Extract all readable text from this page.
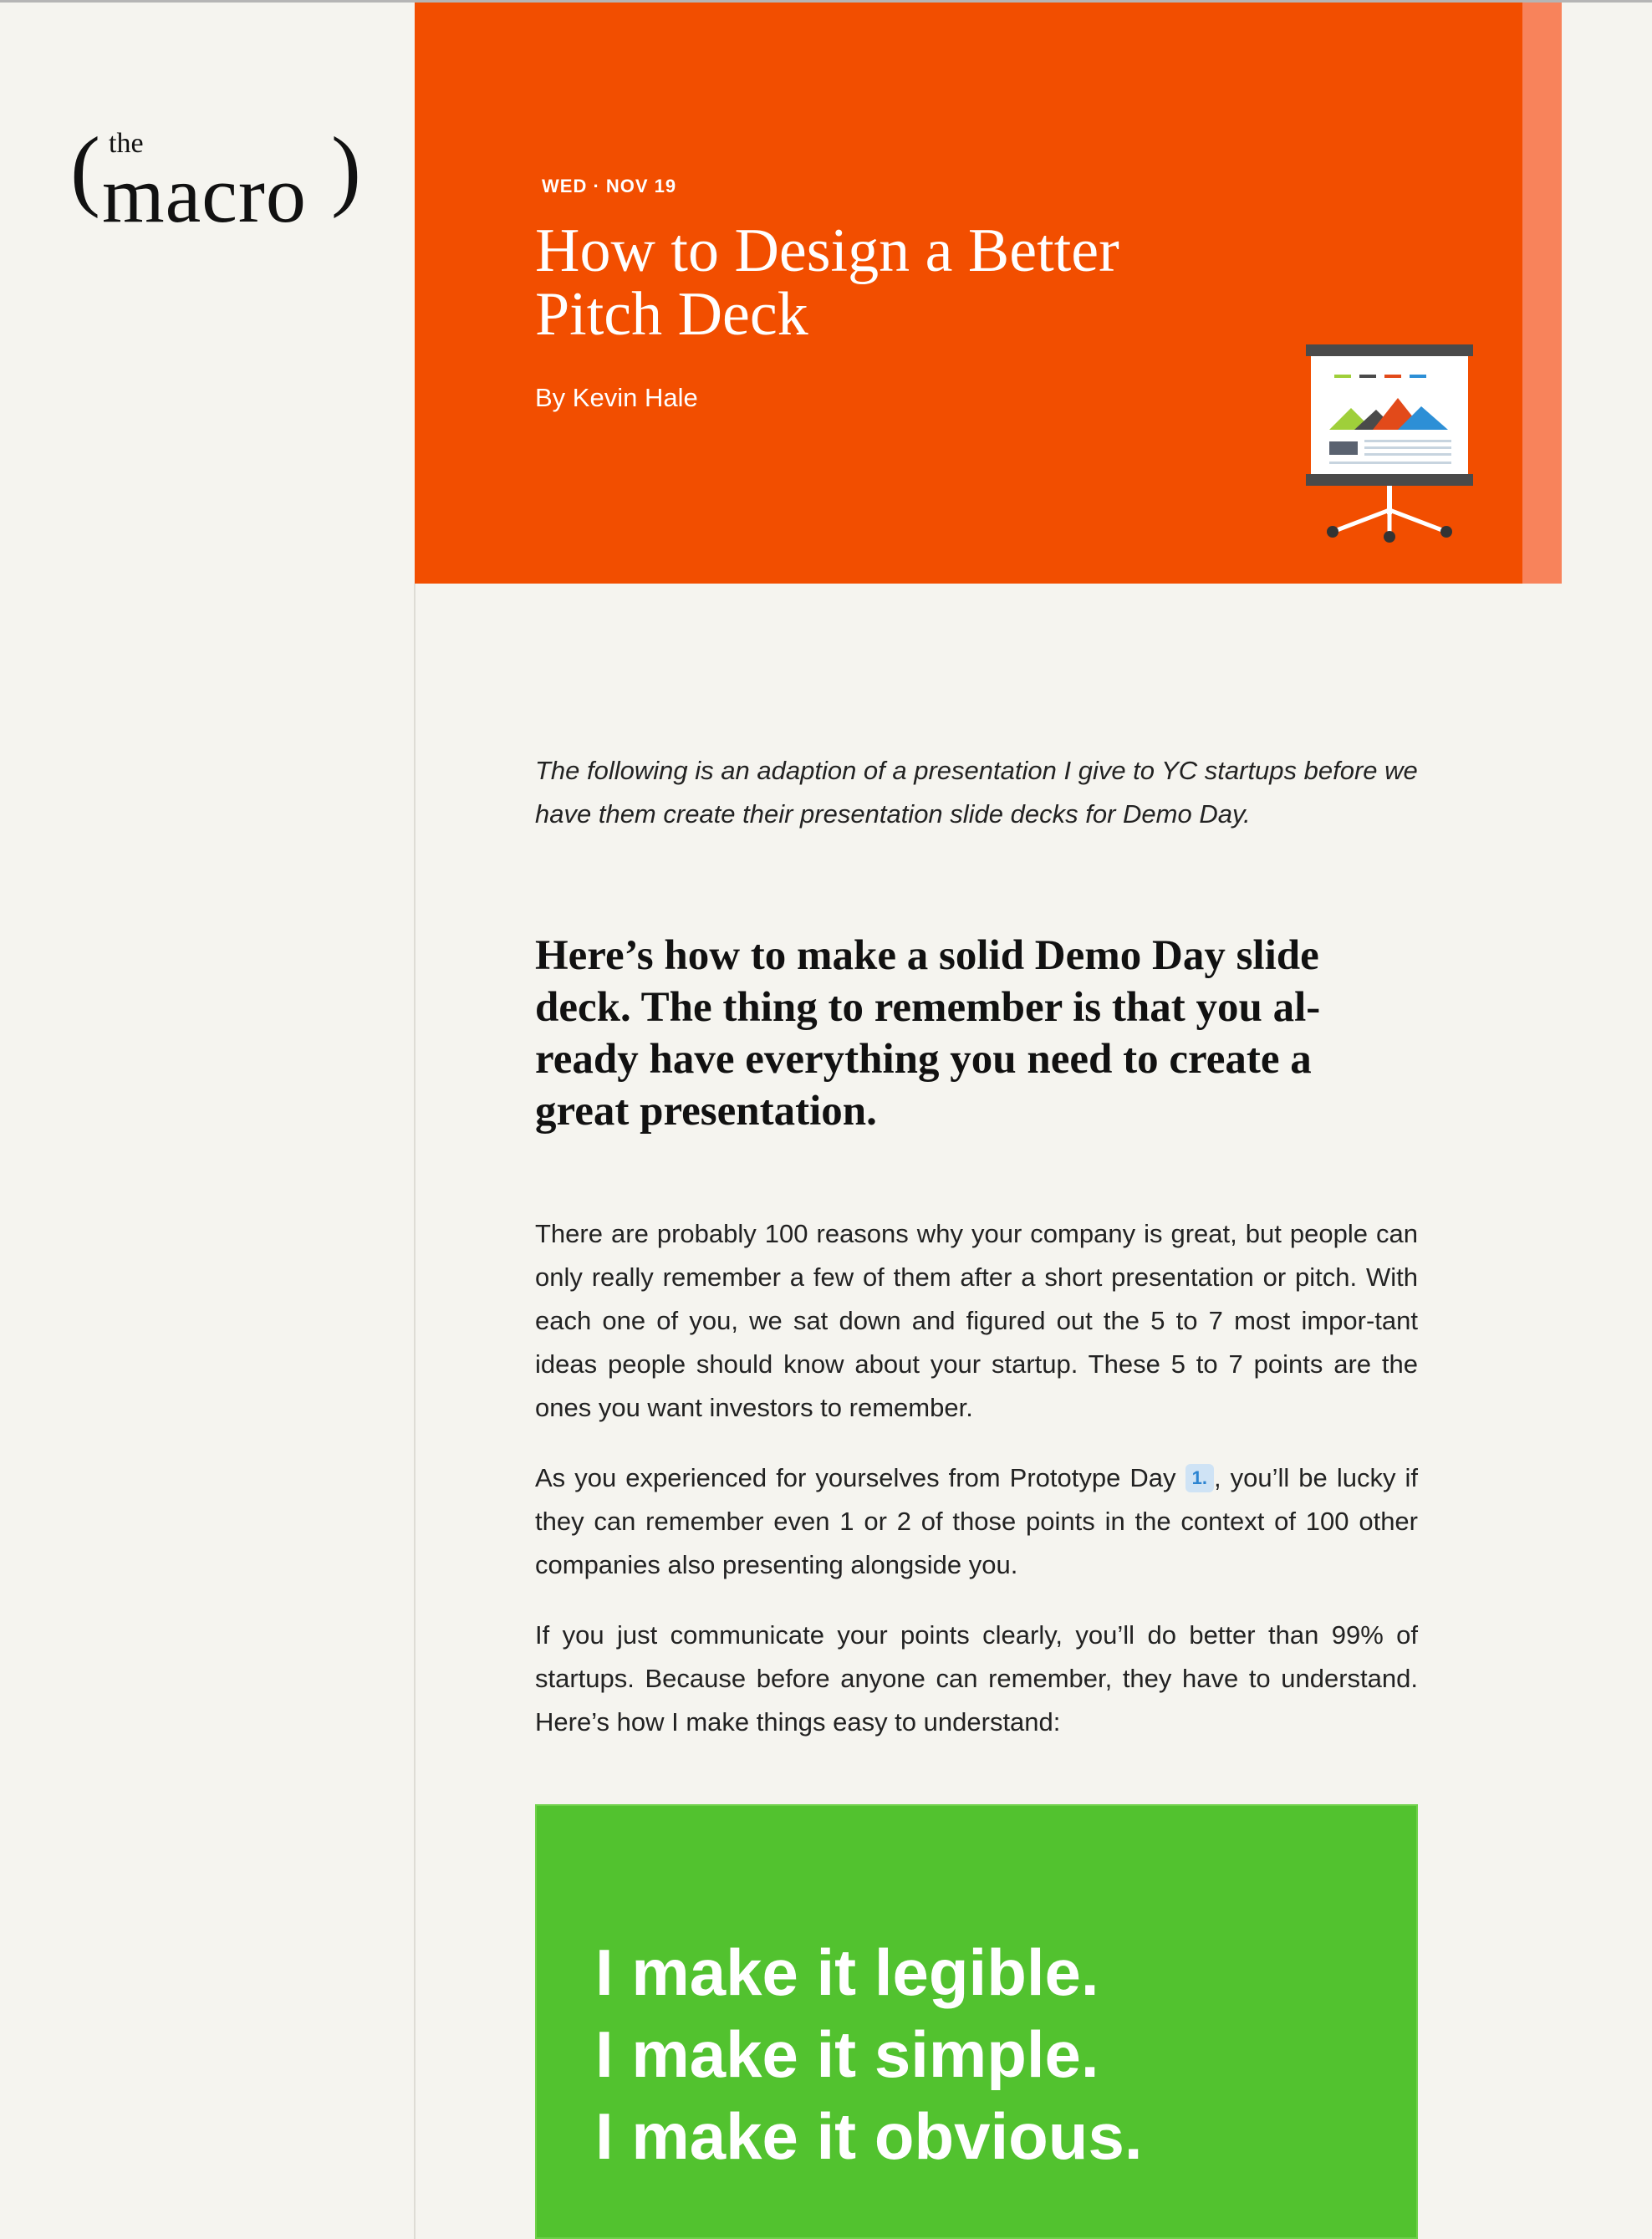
( the
macro )	WED · NOV 19
How to Design a Better Pitch Deck
By Kevin Hale

The following is an adaption of a presentation I give to YC startups before we have them create their presentation slide decks for Demo Day.

Here’s how to make a solid Demo Day slide deck. The thing to remember is that you al-ready have everything you need to create a great presentation.

There are probably 100 reasons why your company is great, but people can only really remember a few of them after a short presentation or pitch. With each one of you, we sat down and figured out the 5 to 7 most impor-tant ideas people should know about your startup. These 5 to 7 points are the ones you want investors to remember.

As you experienced for yourselves from Prototype Day 1. , you’ll be lucky if they can remember even 1 or 2 of those points in the context of 100 other companies also presenting alongside you.

If you just communicate your points clearly, you’ll do better than 99% of startups. Because before anyone can remember, they have to understand. Here’s how I make things easy to understand:

I make it legible.
I make it simple.
I make it obvious.
